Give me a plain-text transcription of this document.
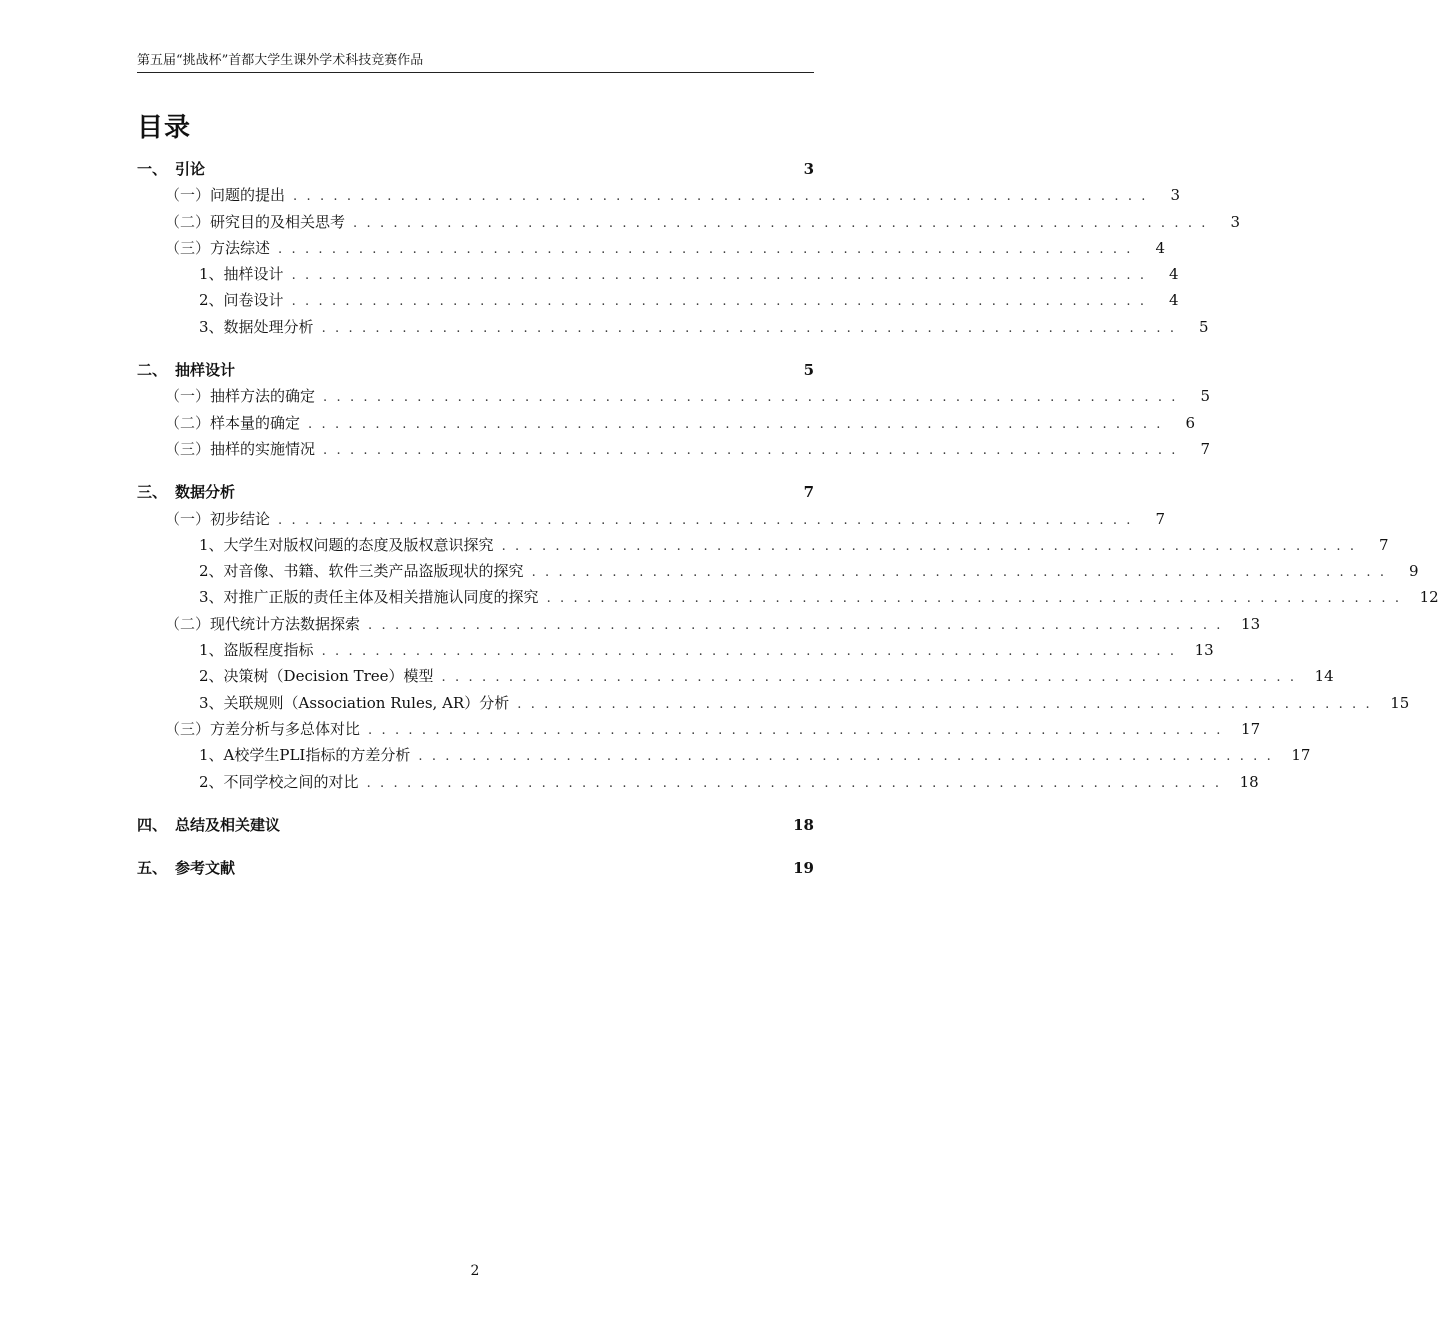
第五届“挑战杯”首都大学生课外学术科技竞赛作品
目录
一、 引论	3
（一） 问题的提出 . . . . . . . . . . . . . . . . . . . . . . . . . . . . . . . . . . . . . . . . . . . . . . . . . . . . . . . . . . . . . . . . 3
（二） 研究目的及相关思考 . . . . . . . . . . . . . . . . . . . . . . . . . . . . . . . . . . . . . . . . . . . . . . . . . . . . . . . . . . . . . . . . 3
（三） 方法综述 . . . . . . . . . . . . . . . . . . . . . . . . . . . . . . . . . . . . . . . . . . . . . . . . . . . . . . . . . . . . . . . . 4
1、 抽样设计 . . . . . . . . . . . . . . . . . . . . . . . . . . . . . . . . . . . . . . . . . . . . . . . . . . . . . . . . . . . . . . . . 4
2、 问卷设计 . . . . . . . . . . . . . . . . . . . . . . . . . . . . . . . . . . . . . . . . . . . . . . . . . . . . . . . . . . . . . . . . 4
3、 数据处理分析 . . . . . . . . . . . . . . . . . . . . . . . . . . . . . . . . . . . . . . . . . . . . . . . . . . . . . . . . . . . . . . . . 5
二、 抽样设计	5
（一） 抽样方法的确定 . . . . . . . . . . . . . . . . . . . . . . . . . . . . . . . . . . . . . . . . . . . . . . . . . . . . . . . . . . . . . . . . 5
（二） 样本量的确定 . . . . . . . . . . . . . . . . . . . . . . . . . . . . . . . . . . . . . . . . . . . . . . . . . . . . . . . . . . . . . . . . 6
（三） 抽样的实施情况 . . . . . . . . . . . . . . . . . . . . . . . . . . . . . . . . . . . . . . . . . . . . . . . . . . . . . . . . . . . . . . . . 7
三、 数据分析	7
（一） 初步结论 . . . . . . . . . . . . . . . . . . . . . . . . . . . . . . . . . . . . . . . . . . . . . . . . . . . . . . . . . . . . . . . . 7
1、 大学生对版权问题的态度及版权意识探究 . . . . . . . . . . . . . . . . . . . . . . . . . . . . . . . . . . . . . . . . . . . . . . . . . . . . . . . . . . . . . . . . 7
2、 对音像、书籍、软件三类产品盗版现状的探究 . . . . . . . . . . . . . . . . . . . . . . . . . . . . . . . . . . . . . . . . . . . . . . . . . . . . . . . . . . . . . . . . 9
3、 对推广正版的责任主体及相关措施认同度的探究 . . . . . . . . . . . . . . . . . . . . . . . . . . . . . . . . . . . . . . . . . . . . . . . . . . . . . . . . . . . . . . . . 12
（二） 现代统计方法数据探索 . . . . . . . . . . . . . . . . . . . . . . . . . . . . . . . . . . . . . . . . . . . . . . . . . . . . . . . . . . . . . . . . 13
1、 盗版程度指标 . . . . . . . . . . . . . . . . . . . . . . . . . . . . . . . . . . . . . . . . . . . . . . . . . . . . . . . . . . . . . . . . 13
2、 决策树（Decision Tree）模型 . . . . . . . . . . . . . . . . . . . . . . . . . . . . . . . . . . . . . . . . . . . . . . . . . . . . . . . . . . . . . . . . 14
3、 关联规则（Association Rules, AR）分析 . . . . . . . . . . . . . . . . . . . . . . . . . . . . . . . . . . . . . . . . . . . . . . . . . . . . . . . . . . . . . . . . 15
（三） 方差分析与多总体对比 . . . . . . . . . . . . . . . . . . . . . . . . . . . . . . . . . . . . . . . . . . . . . . . . . . . . . . . . . . . . . . . . 17
1、 A校学生PLI指标的方差分析 . . . . . . . . . . . . . . . . . . . . . . . . . . . . . . . . . . . . . . . . . . . . . . . . . . . . . . . . . . . . . . . . 17
2、 不同学校之间的对比 . . . . . . . . . . . . . . . . . . . . . . . . . . . . . . . . . . . . . . . . . . . . . . . . . . . . . . . . . . . . . . . . 18
四、 总结及相关建议	18
五、 参考文献	19
2
